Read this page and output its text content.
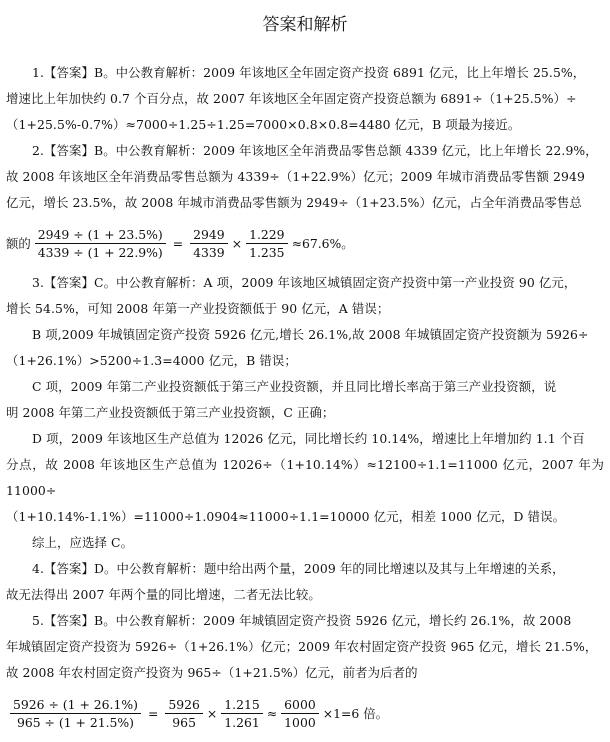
答案和解析
1.【答案】B。中公教育解析：2009 年该地区全年固定资产投资 6891 亿元，比上年增长 25.5%，
增速比上年加快约 0.7 个百分点，故 2007 年该地区全年固定资产投资总额为 6891÷（1+25.5%）÷
（1+25.5%-0.7%）≈7000÷1.25÷1.25=7000×0.8×0.8=4480 亿元，B 项最为接近。
2.【答案】B。中公教育解析：2009 年该地区全年消费品零售总额 4339 亿元，比上年增长 22.9%，
故 2008 年该地区全年消费品零售总额为 4339÷（1+22.9%）亿元；2009 年城市消费品零售额 2949
亿元，增长 23.5%，故 2008 年城市消费品零售额为 2949÷（1+23.5%）亿元，占全年消费品零售总
额的 $\frac{2949 \div (1 + 23.5\%)}{4339 \div (1 + 22.9\%)} = \frac{2949}{4339} \times \frac{1.229}{1.235} \approx 67.6\%$。
3.【答案】C。中公教育解析：A 项，2009 年该地区城镇固定资产投资中第一产业投资 90 亿元，
增长 54.5%，可知 2008 年第一产业投资额低于 90 亿元，A 错误；
B 项,2009 年城镇固定资产投资 5926 亿元,增长 26.1%,故 2008 年城镇固定资产投资额为 5926÷
（1+26.1%）>5200÷1.3=4000 亿元，B 错误；
C 项，2009 年第二产业投资额低于第三产业投资额，并且同比增长率高于第三产业投资额，说
明 2008 年第二产业投资额低于第三产业投资额，C 正确；
D 项，2009 年该地区生产总值为 12026 亿元，同比增长约 10.14%，增速比上年增加约 1.1 个百
分点，故 2008 年该地区生产总值为 12026÷（1+10.14%）≈12100÷1.1=11000 亿元，2007 年为 11000÷
（1+10.14%-1.1%）=11000÷1.0904≈11000÷1.1=10000 亿元，相差 1000 亿元，D 错误。
综上，应选择 C。
4.【答案】D。中公教育解析：题中给出两个量，2009 年的同比增速以及其与上年增速的关系，
故无法得出 2007 年两个量的同比增速，二者无法比较。
5.【答案】B。中公教育解析：2009 年城镇固定资产投资 5926 亿元，增长约 26.1%，故 2008
年城镇固定资产投资为 5926÷（1+26.1%）亿元；2009 年农村固定资产投资 965 亿元，增长 21.5%，
故 2008 年农村固定资产投资为 965÷（1+21.5%）亿元，前者为后者的
$\frac{5926 \div (1 + 26.1\%)}{965 \div (1 + 21.5\%)} = \frac{5926}{965} \times \frac{1.215}{1.261} \approx \frac{6000}{1000} \times 1=6$ 倍。
